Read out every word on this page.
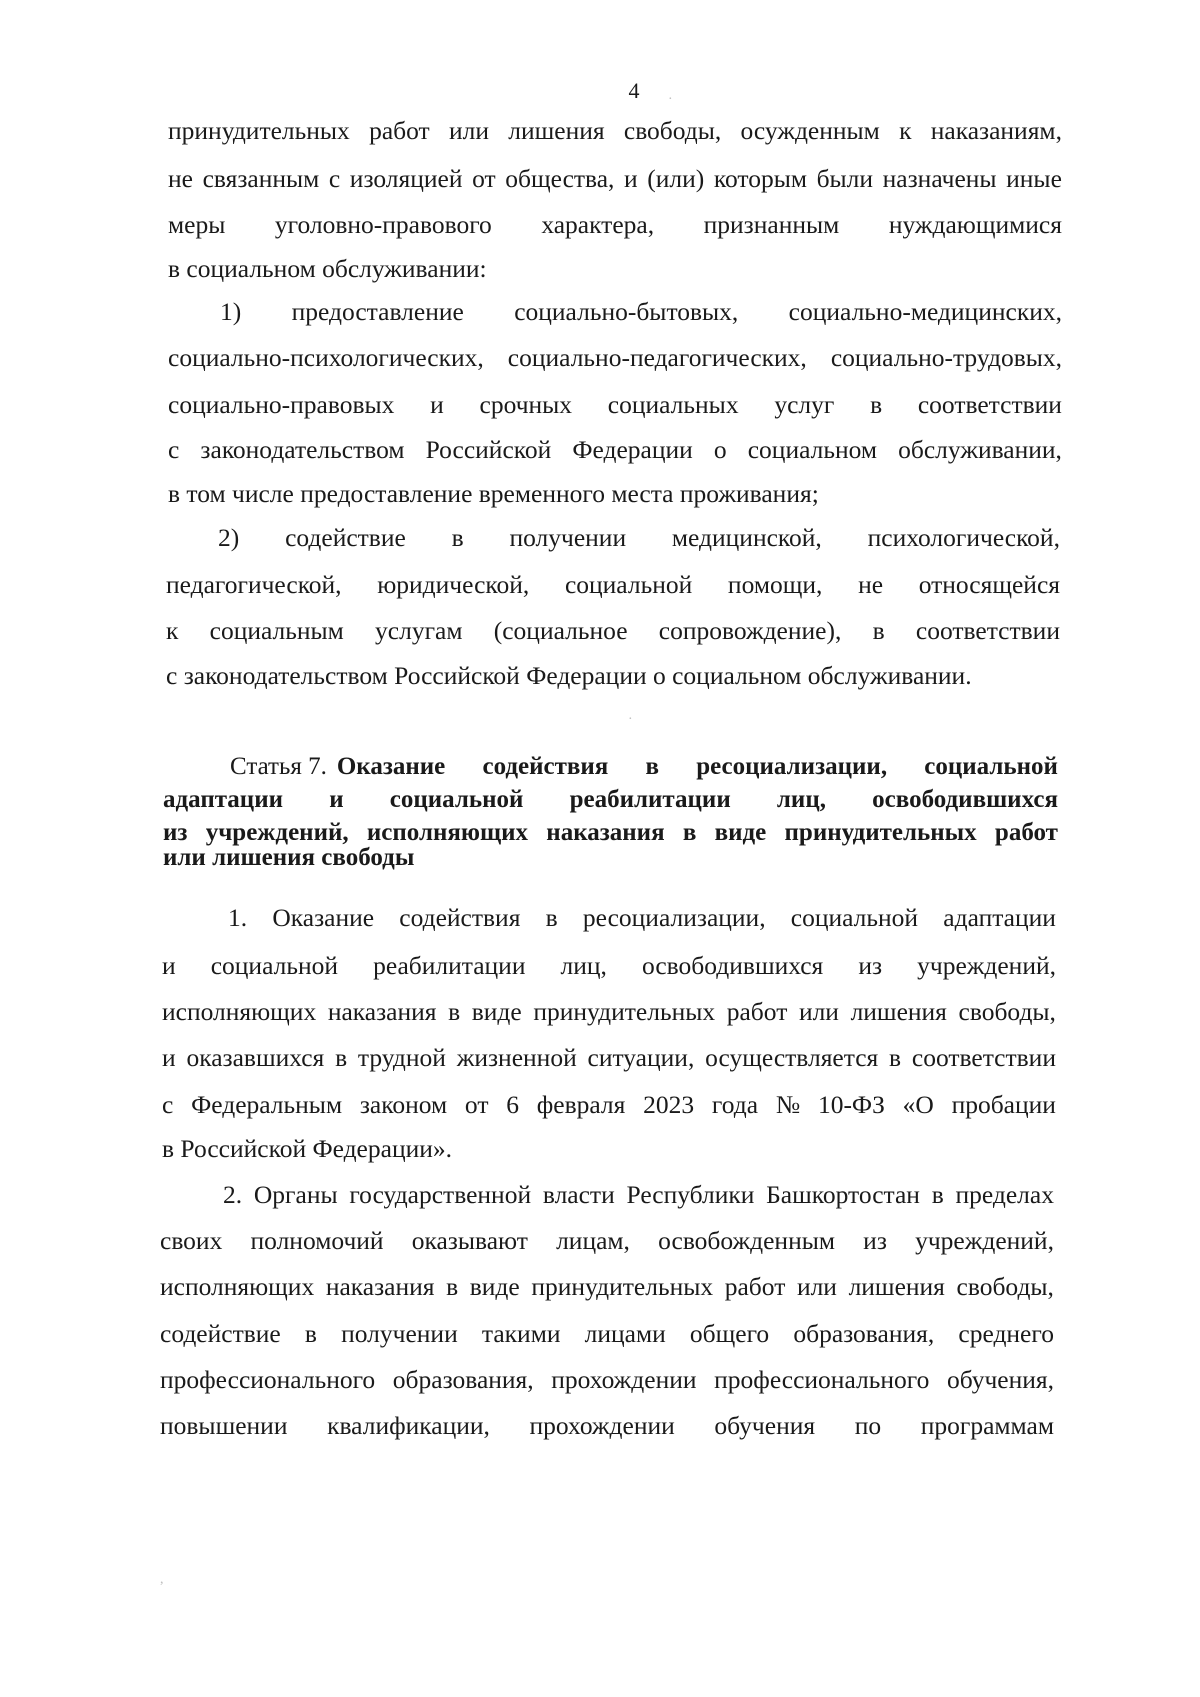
4
принудительных работ или лишения свободы, осужденным к наказаниям,
не связанным с изоляцией от общества, и (или) которым были назначены иные
меры уголовно-правового характера, признанным нуждающимися
в социальном обслуживании:
1) предоставление социально-бытовых, социально-медицинских,
социально-психологических, социально-педагогических, социально-трудовых,
социально-правовых и срочных социальных услуг в соответствии
с законодательством Российской Федерации о социальном обслуживании,
в том числе предоставление временного места проживания;
2) содействие в получении медицинской, психологической,
педагогической, юридической, социальной помощи, не относящейся
к социальным услугам (социальное сопровождение), в соответствии
с законодательством Российской Федерации о социальном обслуживании.
Статья 7. Оказание содействия в ресоциализации, социальной
адаптации и социальной реабилитации лиц, освободившихся
из учреждений, исполняющих наказания в виде принудительных работ
или лишения свободы
1. Оказание содействия в ресоциализации, социальной адаптации
и социальной реабилитации лиц, освободившихся из учреждений,
исполняющих наказания в виде принудительных работ или лишения свободы,
и оказавшихся в трудной жизненной ситуации, осуществляется в соответствии
с Федеральным законом от 6 февраля 2023 года № 10-ФЗ «О пробации
в Российской Федерации».
2. Органы государственной власти Республики Башкортостан в пределах
своих полномочий оказывают лицам, освобожденным из учреждений,
исполняющих наказания в виде принудительных работ или лишения свободы,
содействие в получении такими лицами общего образования, среднего
профессионального образования, прохождении профессионального обучения,
повышении квалификации, прохождении обучения по программам
·
·
,
